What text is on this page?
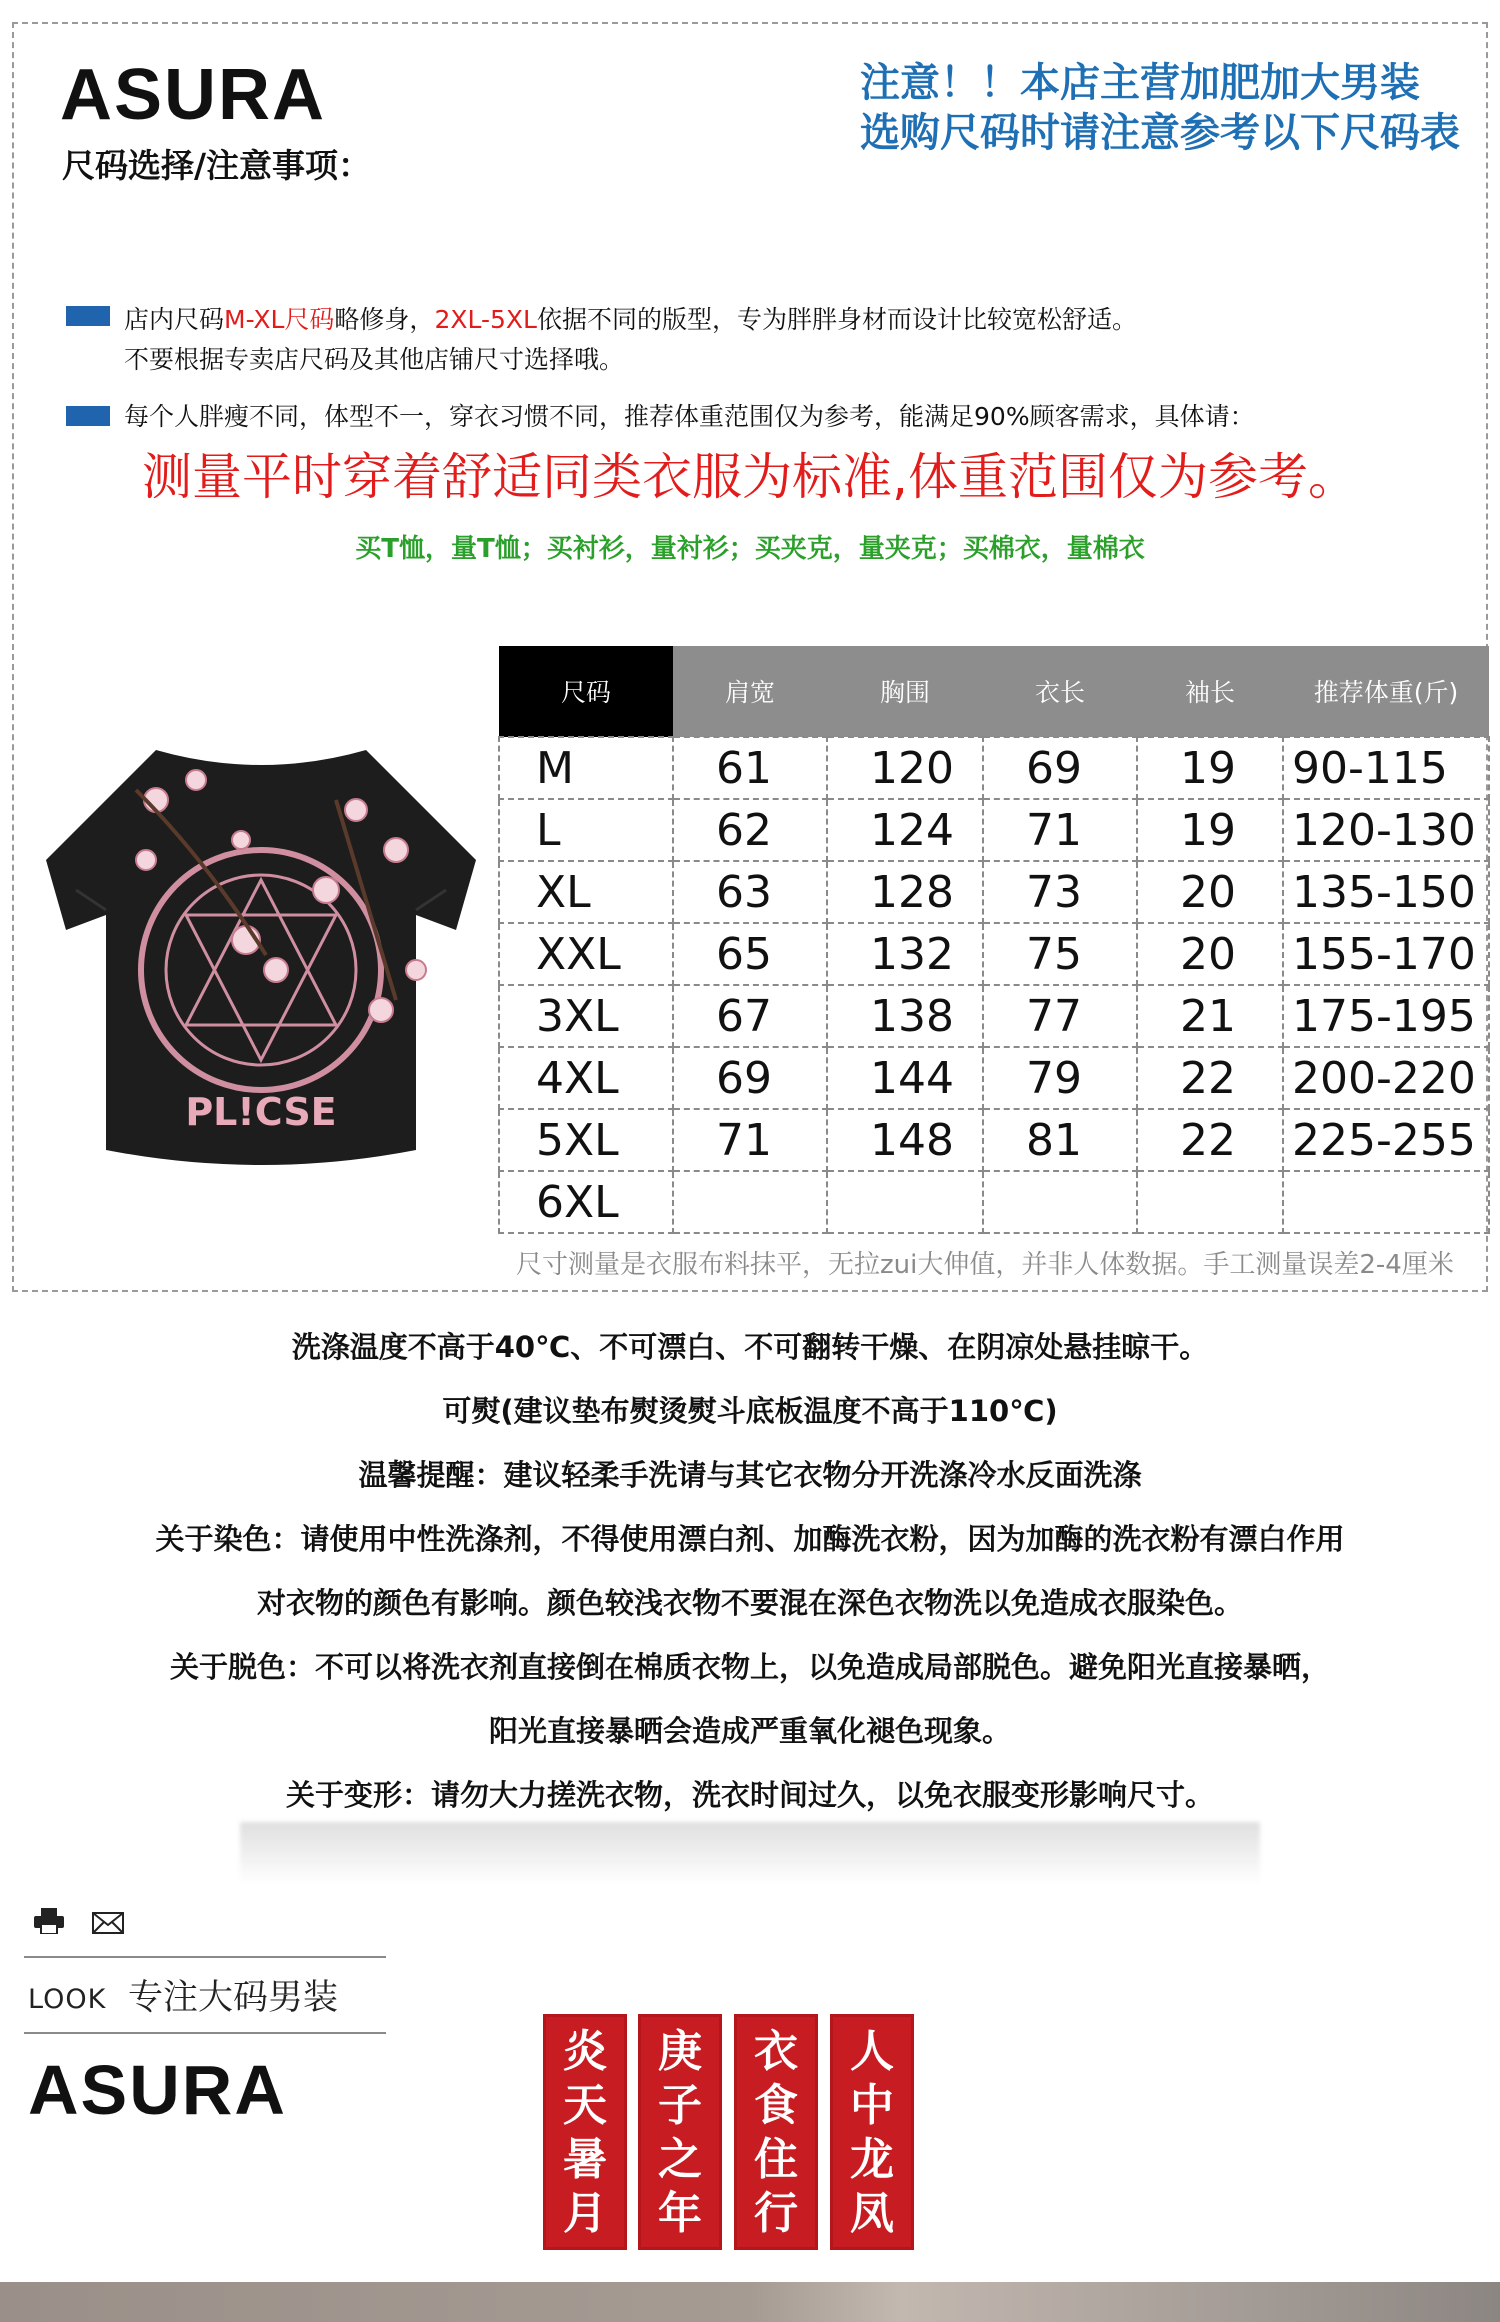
ASURA
尺码选择/注意事项：
注意！！本店主营加肥加大男装
选购尺码时请注意参考以下尺码表
店内尺码M-XL尺码略修身，2XL-5XL依据不同的版型，专为胖胖身材而设计比较宽松舒适。
不要根据专卖店尺码及其他店铺尺寸选择哦。
每个人胖瘦不同，体型不一，穿衣习惯不同，推荐体重范围仅为参考，能满足90%顾客需求，具体请：
测量平时穿着舒适同类衣服为标准,体重范围仅为参考。
买T恤，量T恤；买衬衫，量衬衫；买夹克，量夹克；买棉衣，量棉衣
PL!CSE
尺码	肩宽	胸围	衣长	袖长	推荐体重(斤)
M	61	120	69	19	90-115
L	62	124	71	19	120-130
XL	63	128	73	20	135-150
XXL	65	132	75	20	155-170
3XL	67	138	77	21	175-195
4XL	69	144	79	22	200-220
5XL	71	148	81	22	225-255
6XL					
尺寸测量是衣服布料抹平，无拉zui大伸值，并非人体数据。手工测量误差2-4厘米
洗涤温度不高于40℃、不可漂白、不可翻转干燥、在阴凉处悬挂晾干。
可熨(建议垫布熨烫熨斗底板温度不高于110℃)
温馨提醒：建议轻柔手洗请与其它衣物分开洗涤冷水反面洗涤
关于染色：请使用中性洗涤剂，不得使用漂白剂、加酶洗衣粉，因为加酶的洗衣粉有漂白作用
对衣物的颜色有影响。颜色较浅衣物不要混在深色衣物洗以免造成衣服染色。
关于脱色：不可以将洗衣剂直接倒在棉质衣物上，以免造成局部脱色。避免阳光直接暴晒，
阳光直接暴晒会造成严重氧化褪色现象。
关于变形：请勿大力搓洗衣物，洗衣时间过久，以免衣服变形影响尺寸。
LOOK 专注大码男装
ASURA	炎
天
暑
月
庚
子
之
年
衣
食
住
行
人
中
龙
凤
